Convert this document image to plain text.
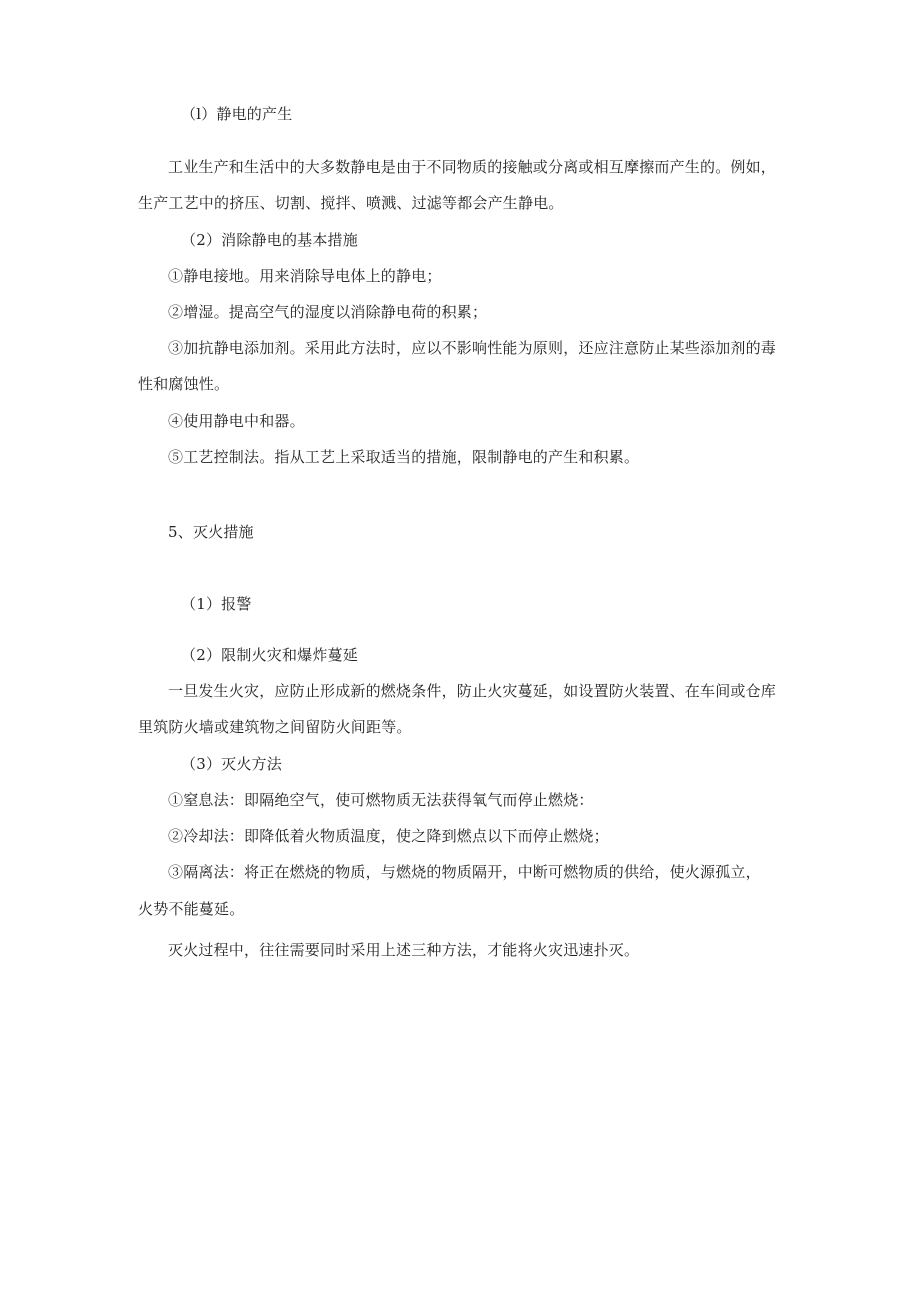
（l）静电的产生
工业生产和生活中的大多数静电是由于不同物质的接触或分离或相互摩擦而产生的。例如，
生产工艺中的挤压、切割、搅拌、喷溅、过滤等都会产生静电。
（2）消除静电的基本措施
①静电接地。用来消除导电体上的静电；
②增湿。提高空气的湿度以消除静电荷的积累；
③加抗静电添加剂。采用此方法时，应以不影响性能为原则，还应注意防止某些添加剂的毒
性和腐蚀性。
④使用静电中和器。
⑤工艺控制法。指从工艺上采取适当的措施，限制静电的产生和积累。
5、灭火措施
（1）报警
（2）限制火灾和爆炸蔓延
一旦发生火灾，应防止形成新的燃烧条件，防止火灾蔓延，如设置防火装置、在车间或仓库
里筑防火墙或建筑物之间留防火间距等。
（3）灭火方法
①窒息法：即隔绝空气，使可燃物质无法获得氧气而停止燃烧：
②冷却法：即降低着火物质温度，使之降到燃点以下而停止燃烧；
③隔离法：将正在燃烧的物质，与燃烧的物质隔开，中断可燃物质的供给，使火源孤立，
火势不能蔓延。
灭火过程中，往往需要同时采用上述三种方法，才能将火灾迅速扑灭。
